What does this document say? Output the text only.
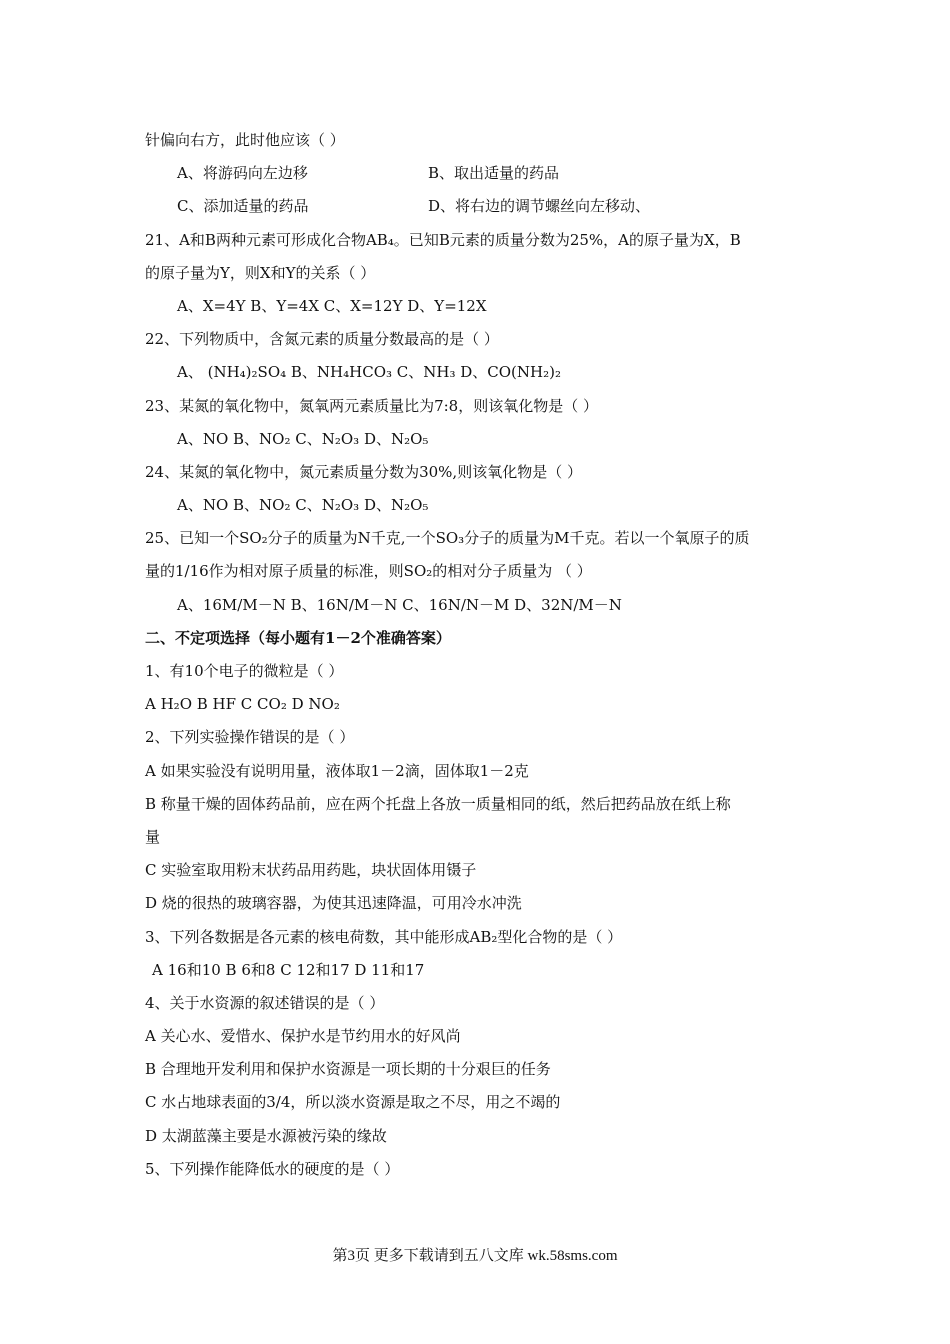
针偏向右方，此时他应该（ ）
A、将游码向左边移	B、取出适量的药品
C、添加适量的药品	D、将右边的调节螺丝向左移动、
21、A和B两种元素可形成化合物AB₄。已知B元素的质量分数为25%，A的原子量为X，B
的原子量为Y，则X和Y的关系（ ）
A、X=4Y B、Y=4X C、X=12Y D、Y=12X
22、下列物质中，含氮元素的质量分数最高的是（ ）
A、 (NH₄)₂SO₄ B、NH₄HCO₃ C、NH₃ D、CO(NH₂)₂
23、某氮的氧化物中，氮氧两元素质量比为7:8，则该氧化物是（ ）
A、NO B、NO₂ C、N₂O₃ D、N₂O₅
24、某氮的氧化物中，氮元素质量分数为30%,则该氧化物是（ ）
A、NO B、NO₂ C、N₂O₃ D、N₂O₅
25、已知一个SO₂分子的质量为N千克,一个SO₃分子的质量为M千克。若以一个氧原子的质
量的1/16作为相对原子质量的标准，则SO₂的相对分子质量为 （ ）
A、16M/M－N B、16N/M－N C、16N/N－M D、32N/M－N
二、不定项选择（每小题有1－2个准确答案）
1、有10个电子的微粒是（ ）
A H₂O B HF C CO₂ D NO₂
2、下列实验操作错误的是（ ）
A 如果实验没有说明用量，液体取1－2滴，固体取1－2克
B 称量干燥的固体药品前，应在两个托盘上各放一质量相同的纸，然后把药品放在纸上称
量
C 实验室取用粉末状药品用药匙，块状固体用镊子
D 烧的很热的玻璃容器，为使其迅速降温，可用冷水冲洗
3、下列各数据是各元素的核电荷数，其中能形成AB₂型化合物的是（ ）
A 16和10 B 6和8 C 12和17 D 11和17
4、关于水资源的叙述错误的是（ ）
A 关心水、爱惜水、保护水是节约用水的好风尚
B 合理地开发利用和保护水资源是一项长期的十分艰巨的任务
C 水占地球表面的3/4，所以淡水资源是取之不尽，用之不竭的
D 太湖蓝藻主要是水源被污染的缘故
5、下列操作能降低水的硬度的是（ ）
第3页 更多下载请到五八文库 wk.58sms.com
